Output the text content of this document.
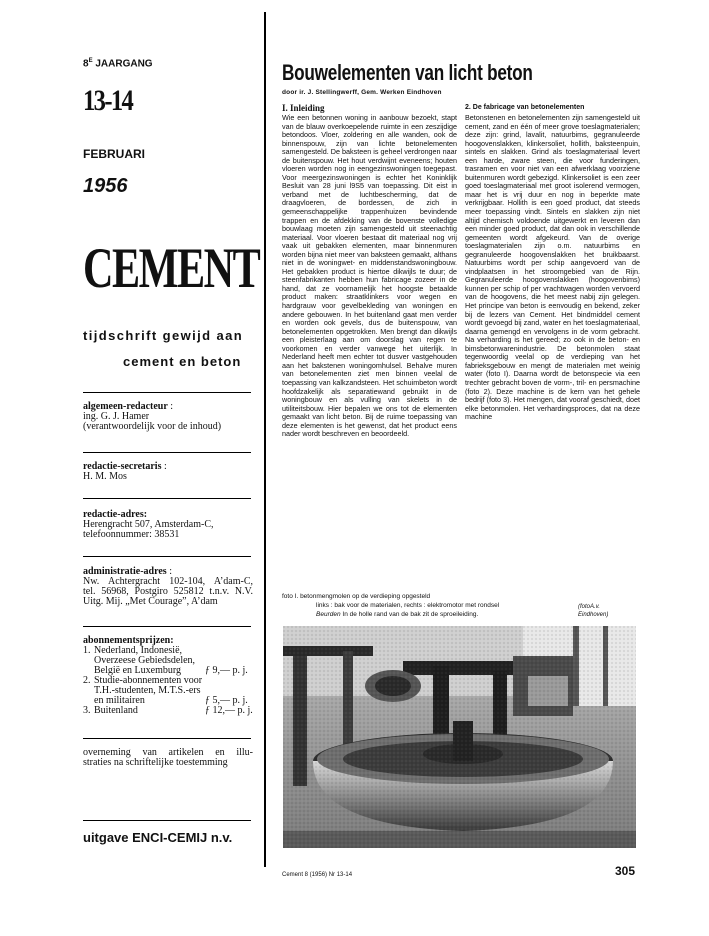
$8^E$ JAARGANG
13-14
FEBRUARI
1956
CEMENT
tijdschrift gewijd aan
cement en beton
algemeen-redacteur :
ing. G. J. Hamer
(verantwoordelijk voor de inhoud)
redactie-secretaris :
H. M. Mos
redactie-adres:
Herengracht 507, Amsterdam-C,
telefoonnummer: 38531
administratie-adres :
Nw. Achtergracht 102-104, A’dam-C,
tel. 56968, Postgiro 525812 t.n.v. N.V.
Uitg. Mij. „Met Courage”, A’dam
abonnementsprijzen:
1. Nederland, Indonesië,
Overzeese Gebiedsdelen,
België en Luxemburg	ƒ 9,— p. j.
2. Studie-abonnementen voor
T.H.-studenten, M.T.S.-ers
en militairen	ƒ 5,— p. j.
3. Buitenland	ƒ 12,— p. j.
overneming van artikelen en illu-
straties na schriftelijke toestemming
uitgave ENCI-CEMIJ n.v.
Bouwelementen van licht beton
door ir. J. Stellingwerff, Gem. Werken Eindhoven
I. Inleiding

Wie een betonnen woning in aanbouw bezoekt, stapt van de blauw overkoepelende ruimte in een zeszijdige betondoos. Vloer, zoldering en alle wanden, ook de binnenspouw, zijn van lichte betonelementen samengesteld. De baksteen is geheel verdrongen naar de buitenspouw. Het hout verdwijnt eveneens; houten vloeren worden nog in eengezinswoningen toegepast. Voor meergezinswoningen is echter het Koninklijk Besluit van 28 juni l9S5 van toepassing. Dit eist in verband met de luchtbescherming, dat de draagvloeren, de bordessen, de zich in gemeenschappelijke trappenhuizen bevindende trappen en de afdekking van de bovenste volledige bouwlaag moeten zijn samengesteld uit steenachtig materiaal. Voor vloeren bestaat dit materiaal nog vrij vaak uit gebakken elementen, maar binnenmuren worden bijna niet meer van baksteen gemaakt, althans niet in de woningwet- en middenstandswoningbouw. Het gebakken product is hiertoe dikwijls te duur; de steenfabrikanten hebben hun fabricage zozeer in de hand, dat ze voornamelijk het hoogste betaalde product maken: straatklinkers voor wegen en hardgrauw voor gevelbekleding van woningen en andere gebouwen. In het buitenland gaat men verder en worden ook gevels, dus de buitenspouw, van betonelementen opgetrokken. Men brengt dan dikwijls een pleisterlaag aan om doorslag van regen te voorkomen en verder vanwege het uiterlijk. In Nederland heeft men echter tot dusver vastgehouden aan het bakstenen woningomhulsel. Behalve muren van betonelementen ziet men binnen veelal de toepassing van kalkzandsteen. Het schuimbeton wordt hoofdzakelijk als separatiewand gebruikt in de woningbouw en als vulling van skelets in de utiliteitsbouw. Hier bepalen we ons tot de elementen gemaakt van licht beton. Bij de ruime toepassing van deze elementen is het gewenst, dat het product eens nader wordt beschreven en beoordeeld.

2. De fabricage van betonelementen

Betonstenen en betonelementen zijn samengesteld uit cement, zand en één of meer grove toeslagmaterialen; deze zijn: grind, lavalit, natuurbims, gegranuleerde hoogovenslakken, klinkersoliet, hollith, baksteenpuin, sintels en slakken. Grind als toeslagmateriaal levert een harde, zware steen, die voor funderingen, trasramen en voor niet van een afwerklaag voorziene buitenmuren wordt gebezigd. Klinkersoliet is een zeer goed toeslagmateriaal met groot isolerend vermogen, maar het is vrij duur en nog in beperkte mate verkrijgbaar. Hollith is een goed product, dat steeds meer toepassing vindt. Sintels en slakken zijn niet altijd chemisch voldoende uitgewerkt en leveren dan een minder goed product, dat dan ook in verschillende gemeenten wordt afgekeurd. Van de overige toeslagmaterialen zijn o.m. natuurbims en gegranuleerde hoogovenslakken het bruikbaarst. Natuurbims wordt per schip aangevoerd van de vindplaatsen in het stroomgebied van de Rijn. Gegranuleerde hoogovenslakken (hoogovenbims) kunnen per schip of per vrachtwagen worden vervoerd van de hoogovens, die het meest nabij zijn gelegen. Het principe van beton is eenvoudig en bekend, zeker bij de lezers van Cement. Het bindmiddel cement wordt gevoegd bij zand, water en het toeslagmateriaal, daarna gemengd en vervolgens in de vorm gebracht. Na verharding is het gereed; zo ook in de beton- en bimsbetonwarenindustrie. De betonmolen staat tegenwoordig veelal op de verdieping van het fabrieksgebouw en mengt de materialen met weinig water (foto I). Daarna wordt de betonspecie via een trechter gebracht boven de vorm-, tril- en persmachine (foto 2). Deze machine is de kern van het gehele bedrijf (foto 3). Het mengen, dat vooraf geschiedt, doet elke betonmolen. Het verhardingsproces, dat na deze machine

foto I. betonmengmolen op de verdieping opgesteld
links : bak voor de materialen, rechts : elektromotor met rondsel
Beurden In de holle rand van de bak zit de sproeileiding.
(fotoA.v.
Eindhoven)
Cement 8 (1956) Nr 13-14	305
